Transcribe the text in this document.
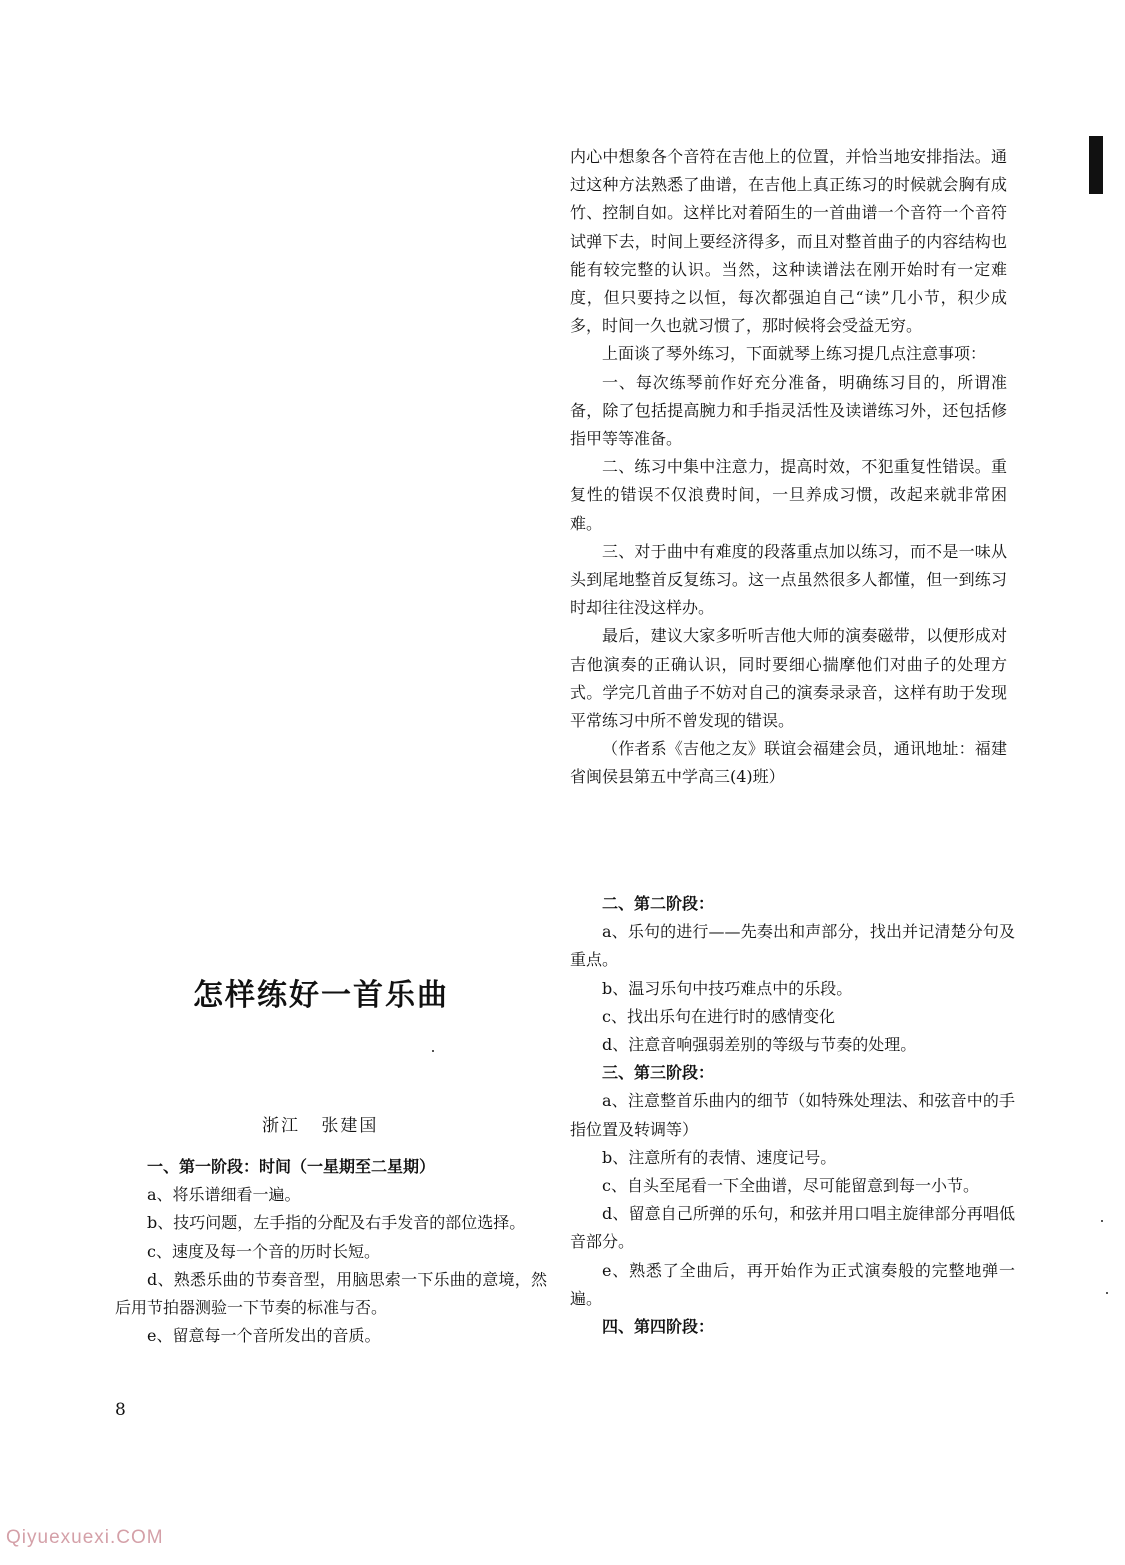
内心中想象各个音符在吉他上的位置，并恰当地安排指法。通过这种方法熟悉了曲谱，在吉他上真正练习的时候就会胸有成竹、控制自如。这样比对着陌生的一首曲谱一个音符一个音符试弹下去，时间上要经济得多，而且对整首曲子的内容结构也能有较完整的认识。当然，这种读谱法在刚开始时有一定难度，但只要持之以恒，每次都强迫自己“读”几小节，积少成多，时间一久也就习惯了，那时候将会受益无穷。

上面谈了琴外练习，下面就琴上练习提几点注意事项：

一、每次练琴前作好充分准备，明确练习目的，所谓准备，除了包括提高腕力和手指灵活性及读谱练习外，还包括修指甲等等准备。

二、练习中集中注意力，提高时效，不犯重复性错误。重复性的错误不仅浪费时间，一旦养成习惯，改起来就非常困难。

三、对于曲中有难度的段落重点加以练习，而不是一味从头到尾地整首反复练习。这一点虽然很多人都懂，但一到练习时却往往没这样办。

最后，建议大家多听听吉他大师的演奏磁带，以便形成对吉他演奏的正确认识，同时要细心揣摩他们对曲子的处理方式。学完几首曲子不妨对自己的演奏录录音，这样有助于发现平常练习中所不曾发现的错误。

（作者系《吉他之友》联谊会福建会员，通讯地址：福建省闽侯县第五中学高三(4)班）

怎样练好一首乐曲
浙江 张建国

一、第一阶段：时间（一星期至二星期）

a、将乐谱细看一遍。

b、技巧问题，左手指的分配及右手发音的部位选择。

c、速度及每一个音的历时长短。

d、熟悉乐曲的节奏音型，用脑思索一下乐曲的意境，然后用节拍器测验一下节奏的标准与否。

e、留意每一个音所发出的音质。

二、第二阶段：

a、乐句的进行——先奏出和声部分，找出并记清楚分句及重点。

b、温习乐句中技巧难点中的乐段。

c、找出乐句在进行时的感情变化

d、注意音响强弱差别的等级与节奏的处理。

三、第三阶段：

a、注意整首乐曲内的细节（如特殊处理法、和弦音中的手指位置及转调等）

b、注意所有的表情、速度记号。

c、自头至尾看一下全曲谱，尽可能留意到每一小节。

d、留意自己所弹的乐句，和弦并用口唱主旋律部分再唱低音部分。

e、熟悉了全曲后，再开始作为正式演奏般的完整地弹一遍。

四、第四阶段：

8
Qiyuexuexi.COM
